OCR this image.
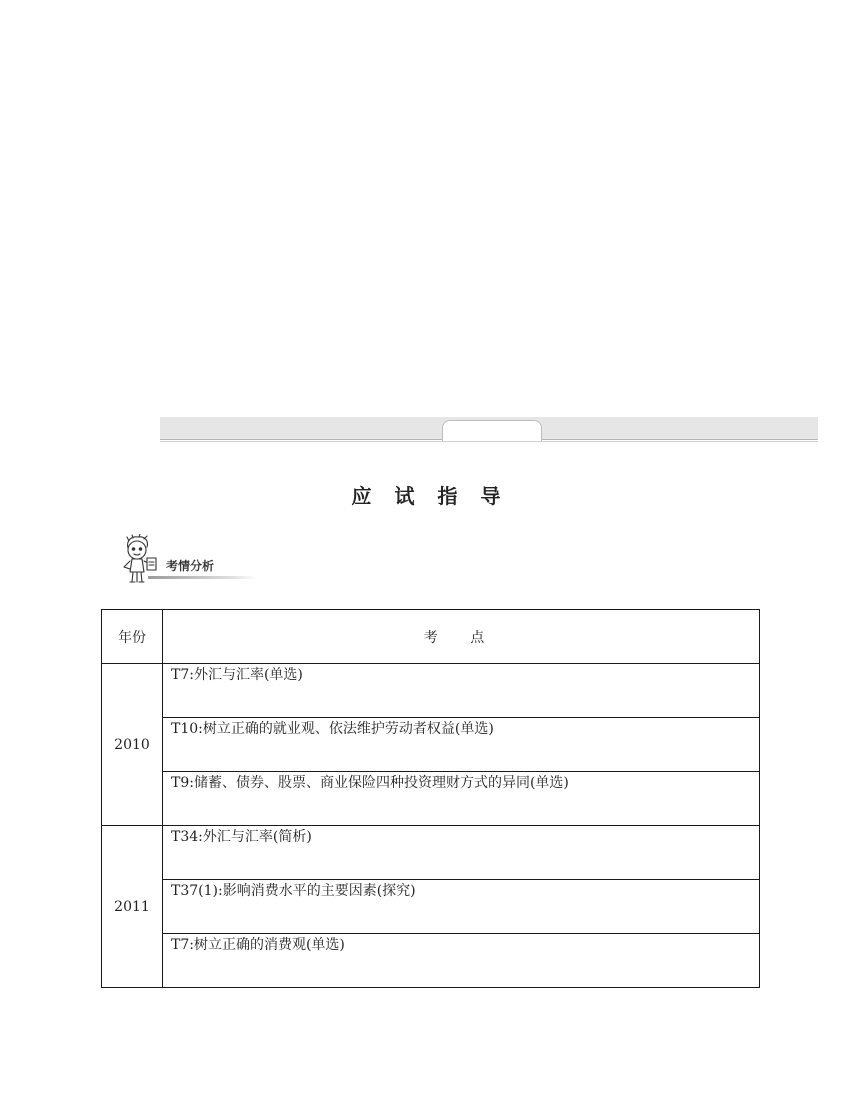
应 试 指 导
考情分析
年份	考 点
2010	T7:外汇与汇率(单选)
	T10:树立正确的就业观、依法维护劳动者权益(单选)
	T9:储蓄、债券、股票、商业保险四种投资理财方式的异同(单选)
2011	T34:外汇与汇率(简析)
	T37(1):影响消费水平的主要因素(探究)
	T7:树立正确的消费观(单选)
